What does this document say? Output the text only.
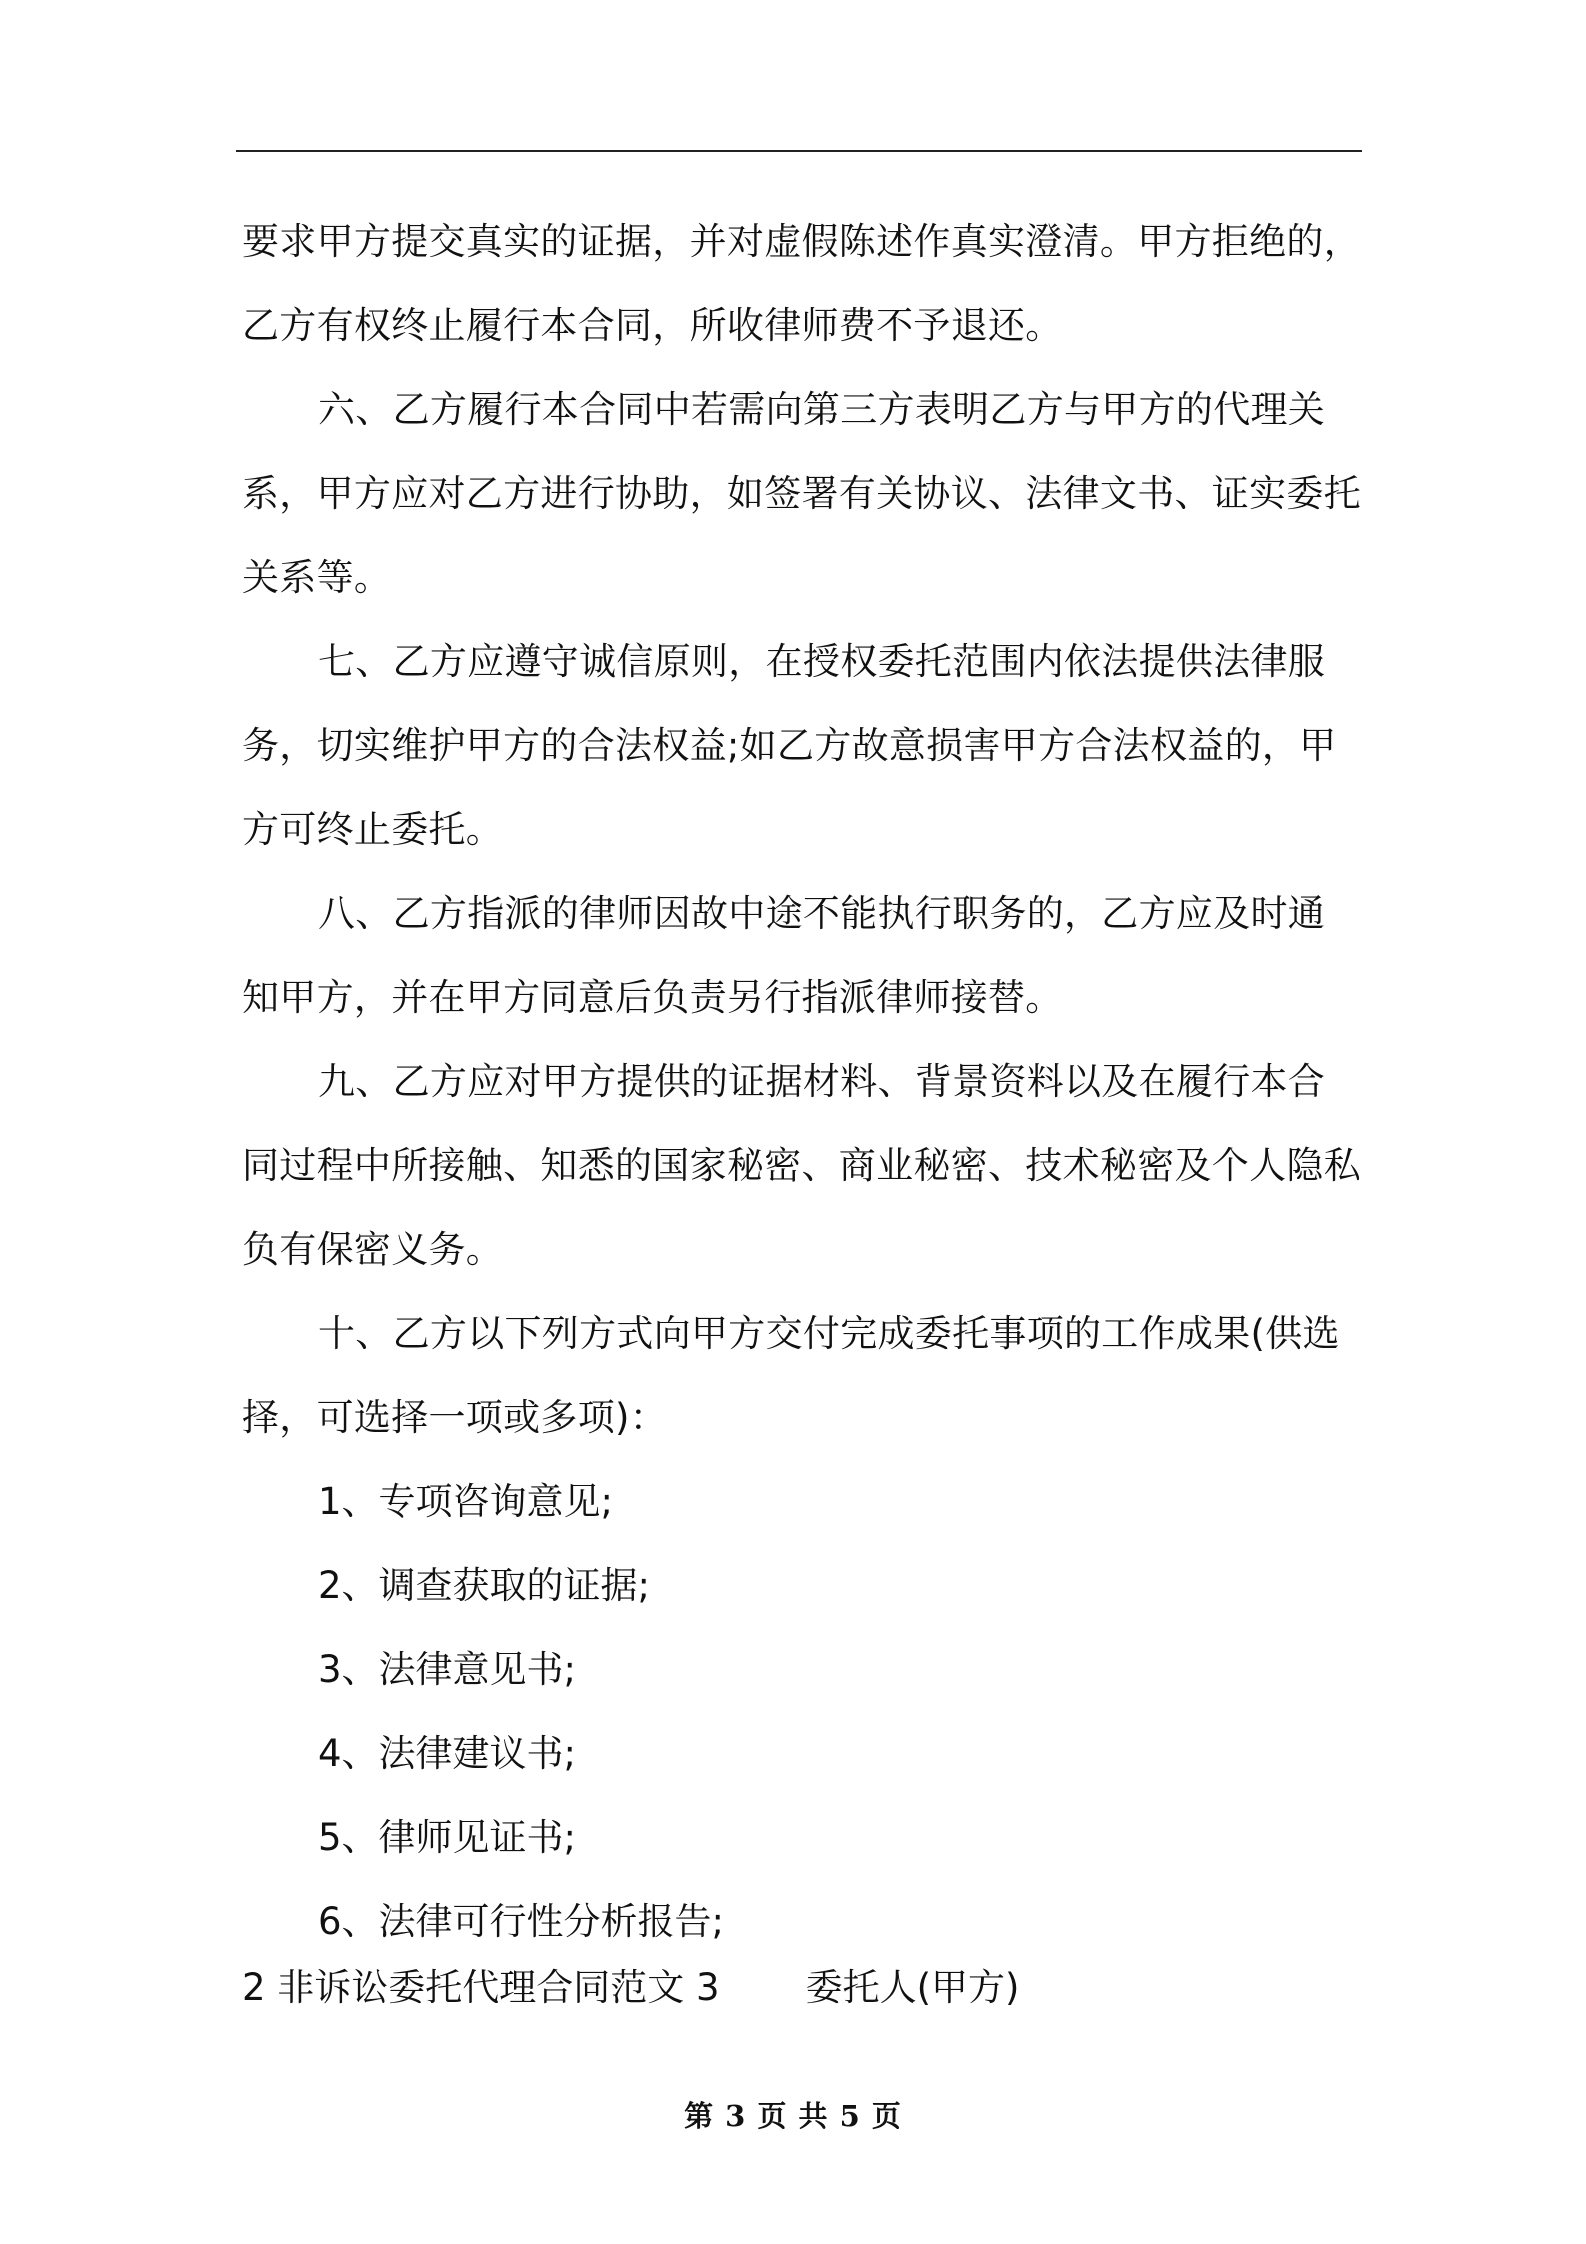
要求甲方提交真实的证据，并对虚假陈述作真实澄清。甲方拒绝的，乙方有权终止履行本合同，所收律师费不予退还。

六、乙方履行本合同中若需向第三方表明乙方与甲方的代理关系，甲方应对乙方进行协助，如签署有关协议、法律文书、证实委托关系等。

七、乙方应遵守诚信原则，在授权委托范围内依法提供法律服务，切实维护甲方的合法权益;如乙方故意损害甲方合法权益的，甲方可终止委托。

八、乙方指派的律师因故中途不能执行职务的，乙方应及时通知甲方，并在甲方同意后负责另行指派律师接替。

九、乙方应对甲方提供的证据材料、背景资料以及在履行本合同过程中所接触、知悉的国家秘密、商业秘密、技术秘密及个人隐私负有保密义务。

十、乙方以下列方式向甲方交付完成委托事项的工作成果(供选择，可选择一项或多项)：

1、专项咨询意见;

2、调查获取的证据;

3、法律意见书;

4、法律建议书;

5、律师见证书;

6、法律可行性分析报告;

2 非诉讼委托代理合同范文 3 委托人(甲方)
第 3 页 共 5 页
